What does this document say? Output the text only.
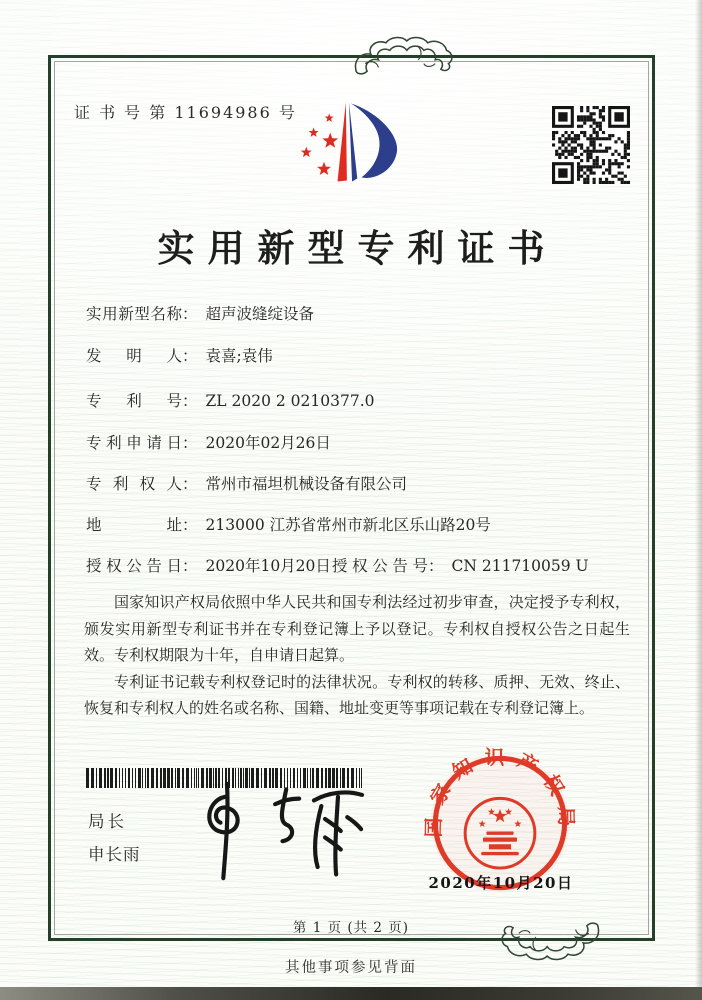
证 书 号 第 11694986 号
实用新型专利证书
实用新型名称： 超声波缝绽设备
发明人： 袁喜;袁伟
专利号： ZL 2020 2 0210377.0
专利申请日： 2020年02月26日
专利权人： 常州市福坦机械设备有限公司
地址： 213000 江苏省常州市新北区乐山路20号
授权公告日： 2020年10月20日 授权公告号： CN 211710059 U

国家知识产权局依照中华人民共和国专利法经过初步审查，决定授予专利权，颁发实用新型专利证书并在专利登记簿上予以登记。专利权自授权公告之日起生效。专利权期限为十年，自申请日起算。

专利证书记载专利权登记时的法律状况。专利权的转移、质押、无效、终止、恢复和专利权人的姓名或名称、国籍、地址变更等事项记载在专利登记簿上。

局长
申长雨
国家知识产权局
2020年10月20日
第 1 页 (共 2 页)
其他事项参见背面
